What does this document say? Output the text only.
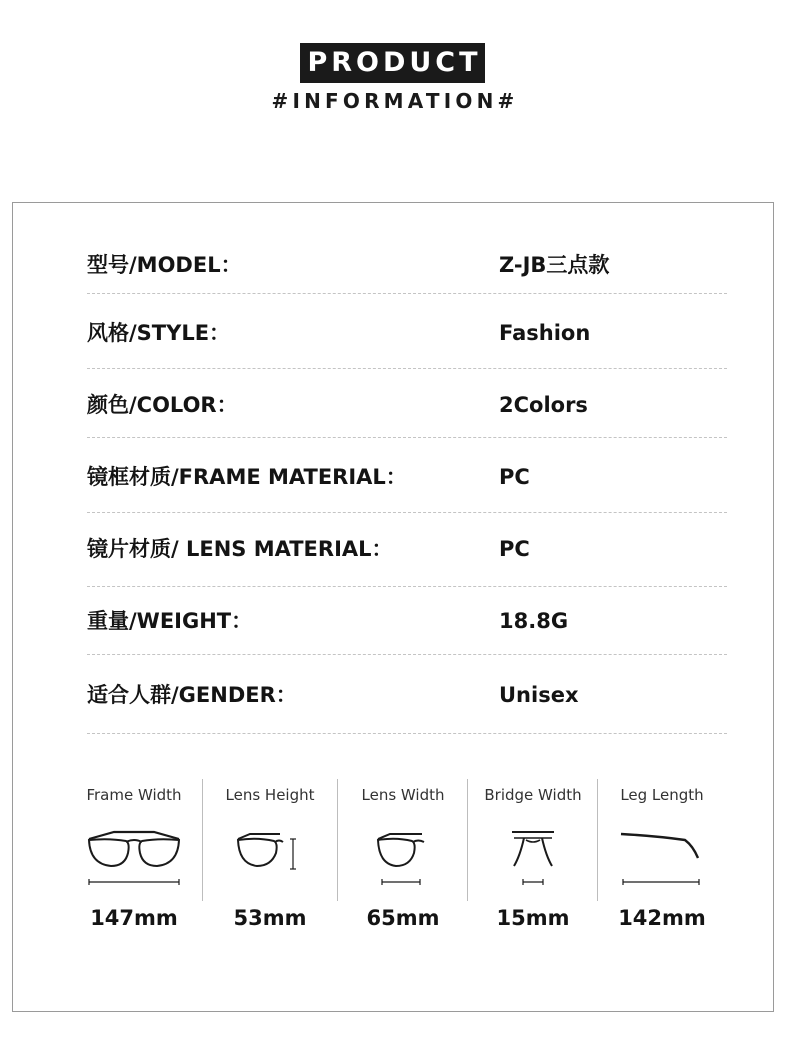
PRODUCT
#INFORMATION#
型号/MODEL：	Z-JB三点款
风格/STYLE：	Fashion
颜色/COLOR：	2Colors
镜框材质/FRAME MATERIAL：	PC
镜片材质/ LENS MATERIAL：	PC
重量/WEIGHT：	18.8G
适合人群/GENDER：	Unisex
Frame Width
147mm
Lens Height
53mm
Lens Width
65mm
Bridge Width
15mm
Leg Length
142mm
